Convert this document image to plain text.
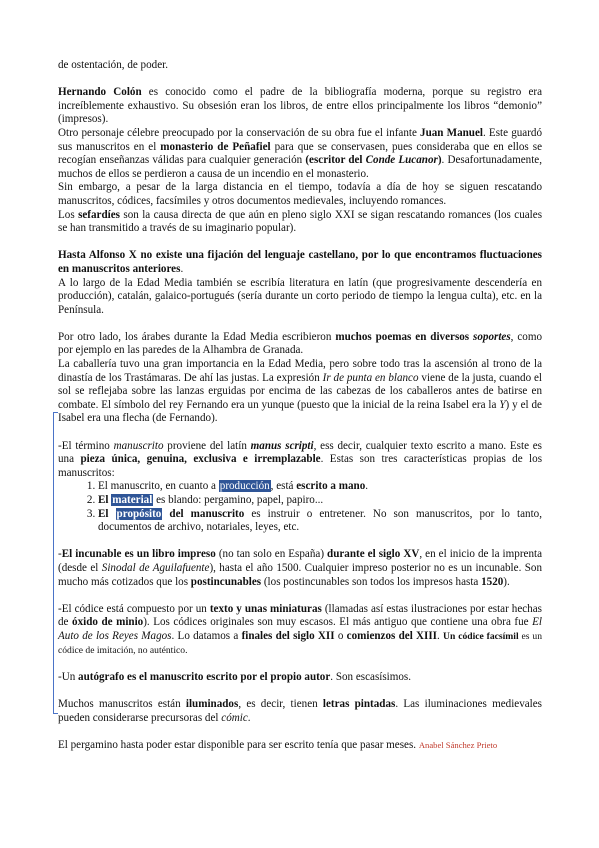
de ostentación, de poder.

Hernando Colón es conocido como el padre de la bibliografía moderna, porque su registro era increíblemente exhaustivo. Su obsesión eran los libros, de entre ellos principalmente los libros “demonio” (impresos).

Otro personaje célebre preocupado por la conservación de su obra fue el infante Juan Manuel. Este guardó sus manuscritos en el monasterio de Peñafiel para que se conservasen, pues consideraba que en ellos se recogían enseñanzas válidas para cualquier generación (escritor del Conde Lucanor). Desafortunadamente, muchos de ellos se perdieron a causa de un incendio en el monasterio.

Sin embargo, a pesar de la larga distancia en el tiempo, todavía a día de hoy se siguen rescatando manuscritos, códices, facsímiles y otros documentos medievales, incluyendo romances.

Los sefardíes son la causa directa de que aún en pleno siglo XXI se sigan rescatando romances (los cuales se han transmitido a través de su imaginario popular).

Hasta Alfonso X no existe una fijación del lenguaje castellano, por lo que encontramos fluctuaciones en manuscritos anteriores.

A lo largo de la Edad Media también se escribía literatura en latín (que progresivamente descendería en producción), catalán, galaico-portugués (sería durante un corto periodo de tiempo la lengua culta), etc. en la Península.

Por otro lado, los árabes durante la Edad Media escribieron muchos poemas en diversos soportes, como por ejemplo en las paredes de la Alhambra de Granada.

La caballería tuvo una gran importancia en la Edad Media, pero sobre todo tras la ascensión al trono de la dinastía de los Trastámaras. De ahí las justas. La expresión Ir de punta en blanco viene de la justa, cuando el sol se reflejaba sobre las lanzas erguidas por encima de las cabezas de los caballeros antes de batirse en combate. El símbolo del rey Fernando era un yunque (puesto que la inicial de la reina Isabel era la Y) y el de Isabel era una flecha (de Fernando).

-El término manuscrito proviene del latín manus scripti, ess decir, cualquier texto escrito a mano. Este es una pieza única, genuina, exclusiva e irremplazable. Estas son tres características propias de los manuscritos:

1. El manuscrito, en cuanto a producción, está escrito a mano.
2. El material es blando: pergamino, papel, papiro...
3. El propósito del manuscrito es instruir o entretener. No son manuscritos, por lo tanto, documentos de archivo, notariales, leyes, etc.

-El incunable es un libro impreso (no tan solo en España) durante el siglo XV, en el inicio de la imprenta (desde el Sinodal de Aguilafuente), hasta el año 1500. Cualquier impreso posterior no es un incunable. Son mucho más cotizados que los postincunables (los postincunables son todos los impresos hasta 1520).

-El códice está compuesto por un texto y unas miniaturas (llamadas así estas ilustraciones por estar hechas de óxido de minio). Los códices originales son muy escasos. El más antiguo que contiene una obra fue El Auto de los Reyes Magos. Lo datamos a finales del siglo XII o comienzos del XIII. Un códice facsímil es un códice de imitación, no auténtico.

-Un autógrafo es el manuscrito escrito por el propio autor. Son escasísimos.

Muchos manuscritos están iluminados, es decir, tienen letras pintadas. Las iluminaciones medievales pueden considerarse precursoras del cómic.

El pergamino hasta poder estar disponible para ser escrito tenía que pasar meses. Anabel Sánchez Prieto
